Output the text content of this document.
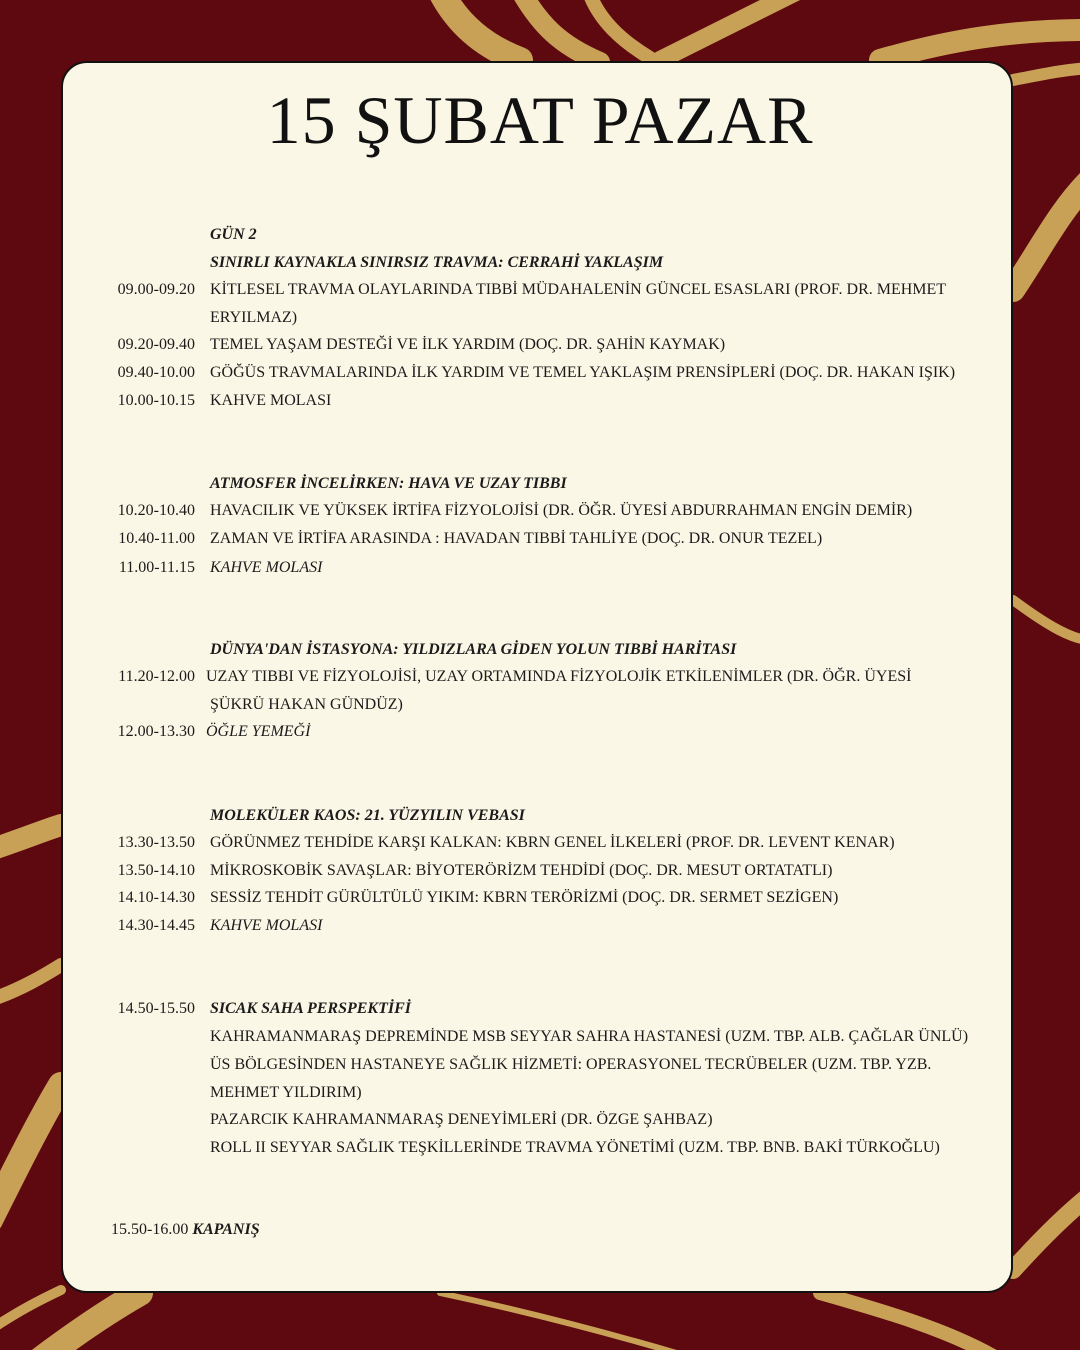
15 ŞUBAT PAZAR
GÜN 2
SINIRLI KAYNAKLA SINIRSIZ TRAVMA: CERRAHİ YAKLAŞIM
09.00-09.20 KİTLESEL TRAVMA OLAYLARINDA TIBBİ MÜDAHALENİN GÜNCEL ESASLARI (PROF. DR. MEHMET
ERYILMAZ)
09.20-09.40 TEMEL YAŞAM DESTEĞİ VE İLK YARDIM (DOÇ. DR. ŞAHİN KAYMAK)
09.40-10.00 GÖĞÜS TRAVMALARINDA İLK YARDIM VE TEMEL YAKLAŞIM PRENSİPLERİ (DOÇ. DR. HAKAN IŞIK)
10.00-10.15 KAHVE MOLASI
ATMOSFER İNCELİRKEN: HAVA VE UZAY TIBBI
10.20-10.40 HAVACILIK VE YÜKSEK İRTİFA FİZYOLOJİSİ (DR. ÖĞR. ÜYESİ ABDURRAHMAN ENGİN DEMİR)
10.40-11.00 ZAMAN VE İRTİFA ARASINDA : HAVADAN TIBBİ TAHLİYE (DOÇ. DR. ONUR TEZEL)
11.00-11.15 KAHVE MOLASI
DÜNYA'DAN İSTASYONA: YILDIZLARA GİDEN YOLUN TIBBİ HARİTASI
11.20-12.00 UZAY TIBBI VE FİZYOLOJİSİ, UZAY ORTAMINDA FİZYOLOJİK ETKİLENİMLER (DR. ÖĞR. ÜYESİ
ŞÜKRÜ HAKAN GÜNDÜZ)
12.00-13.30 ÖĞLE YEMEĞİ
MOLEKÜLER KAOS: 21. YÜZYILIN VEBASI
13.30-13.50 GÖRÜNMEZ TEHDİDE KARŞI KALKAN: KBRN GENEL İLKELERİ (PROF. DR. LEVENT KENAR)
13.50-14.10 MİKROSKOBİK SAVAŞLAR: BİYOTERÖRİZM TEHDİDİ (DOÇ. DR. MESUT ORTATATLI)
14.10-14.30 SESSİZ TEHDİT GÜRÜLTÜLÜ YIKIM: KBRN TERÖRİZMİ (DOÇ. DR. SERMET SEZİGEN)
14.30-14.45 KAHVE MOLASI
14.50-15.50 SICAK SAHA PERSPEKTİFİ
KAHRAMANMARAŞ DEPREMİNDE MSB SEYYAR SAHRA HASTANESİ (UZM. TBP. ALB. ÇAĞLAR ÜNLÜ)
ÜS BÖLGESİNDEN HASTANEYE SAĞLIK HİZMETİ: OPERASYONEL TECRÜBELER (UZM. TBP. YZB.
MEHMET YILDIRIM)
PAZARCIK KAHRAMANMARAŞ DENEYİMLERİ (DR. ÖZGE ŞAHBAZ)
ROLL II SEYYAR SAĞLIK TEŞKİLLERİNDE TRAVMA YÖNETİMİ (UZM. TBP. BNB. BAKİ TÜRKOĞLU)
15.50-16.00 KAPANIŞ
